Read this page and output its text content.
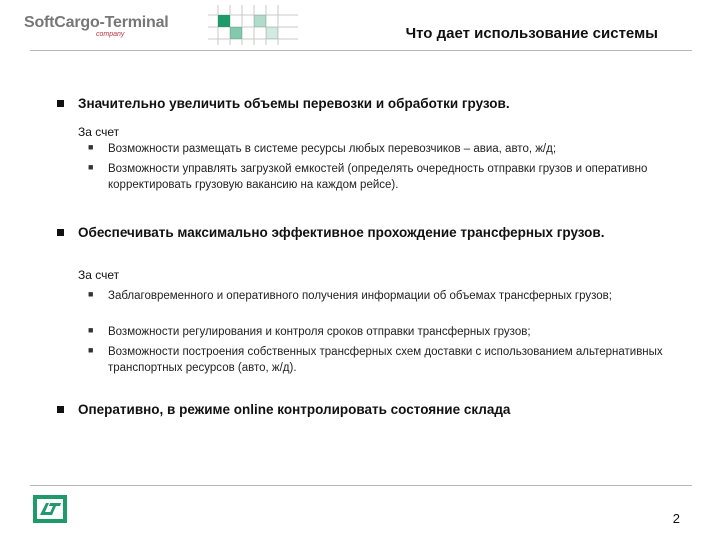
SoftCargo-Terminal
company	Что дает использование системы
Значительно увеличить объемы перевозки и обработки грузов.
За счет
■ Возможности размещать в системе ресурсы любых перевозчиков – авиа, авто, ж/д;
■ Возможности управлять загрузкой емкостей (определять очередность отправки грузов и оперативно корректировать грузовую вакансию на каждом рейсе).
Обеспечивать максимально эффективное прохождение трансферных грузов.
За счет
■ Заблаговременного и оперативного получения информации об объемах трансферных грузов;
■ Возможности регулирования и контроля сроков отправки трансферных грузов;
■ Возможности построения собственных трансферных схем доставки с использованием альтернативных транспортных ресурсов (авто, ж/д).
Оперативно, в режиме online контролировать состояние склада
2
